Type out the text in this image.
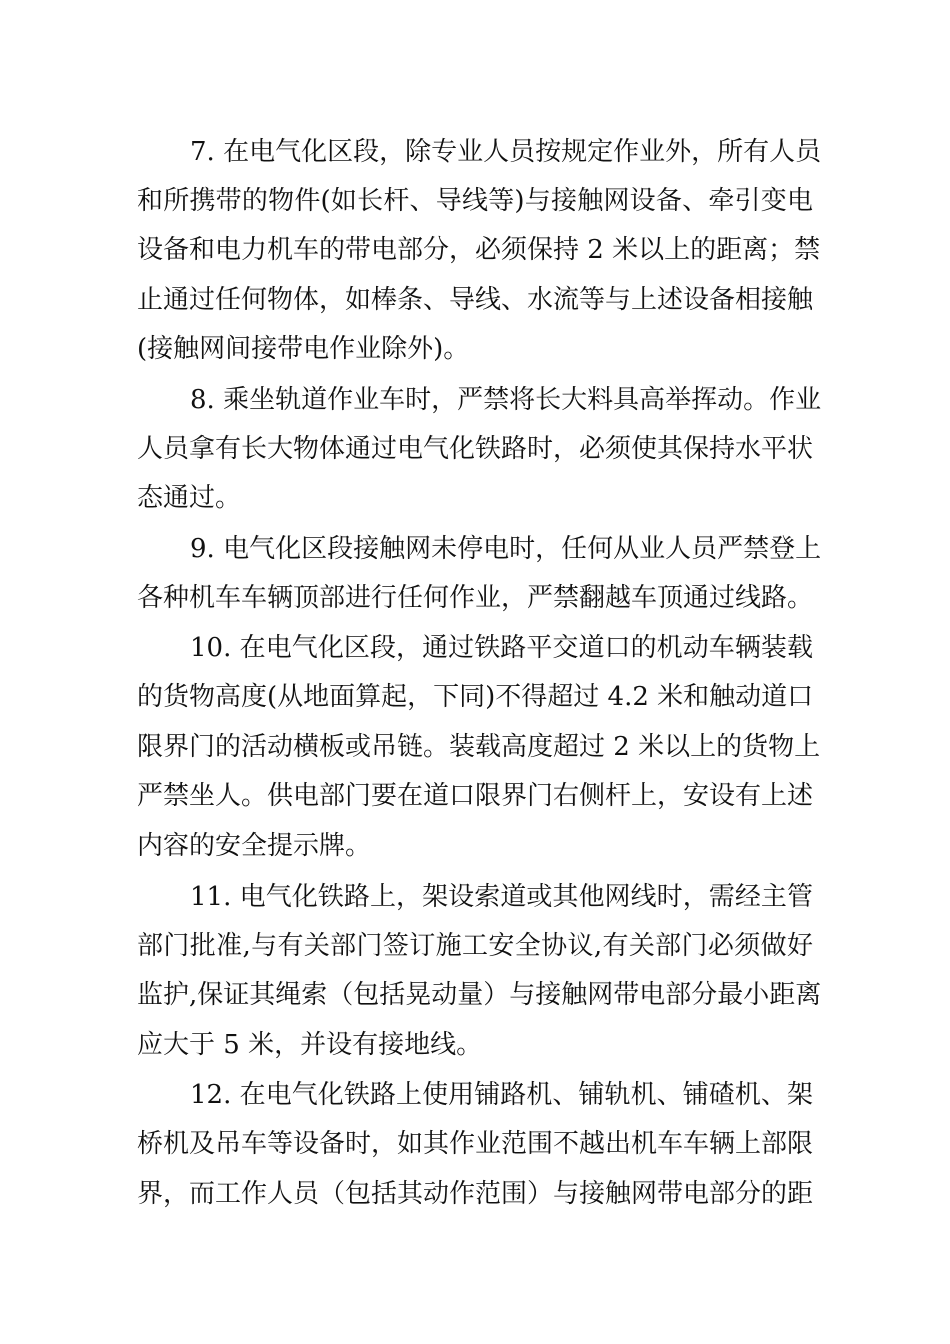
7. 在电气化区段，除专业人员按规定作业外，所有人员
和所携带的物件(如长杆、导线等)与接触网设备、牵引变电
设备和电力机车的带电部分，必须保持 2 米以上的距离；禁
止通过任何物体，如棒条、导线、水流等与上述设备相接触
(接触网间接带电作业除外)。
8. 乘坐轨道作业车时，严禁将长大料具高举挥动。作业
人员拿有长大物体通过电气化铁路时，必须使其保持水平状
态通过。
9. 电气化区段接触网未停电时，任何从业人员严禁登上
各种机车车辆顶部进行任何作业，严禁翻越车顶通过线路。
10. 在电气化区段，通过铁路平交道口的机动车辆装载
的货物高度(从地面算起，下同)不得超过 4.2 米和触动道口
限界门的活动横板或吊链。装载高度超过 2 米以上的货物上
严禁坐人。供电部门要在道口限界门右侧杆上，安设有上述
内容的安全提示牌。
11. 电气化铁路上，架设索道或其他网线时，需经主管
部门批准,与有关部门签订施工安全协议,有关部门必须做好
监护,保证其绳索（包括晃动量）与接触网带电部分最小距离
应大于 5 米，并设有接地线。
12. 在电气化铁路上使用铺路机、铺轨机、铺碴机、架
桥机及吊车等设备时，如其作业范围不越出机车车辆上部限
界，而工作人员（包括其动作范围）与接触网带电部分的距
